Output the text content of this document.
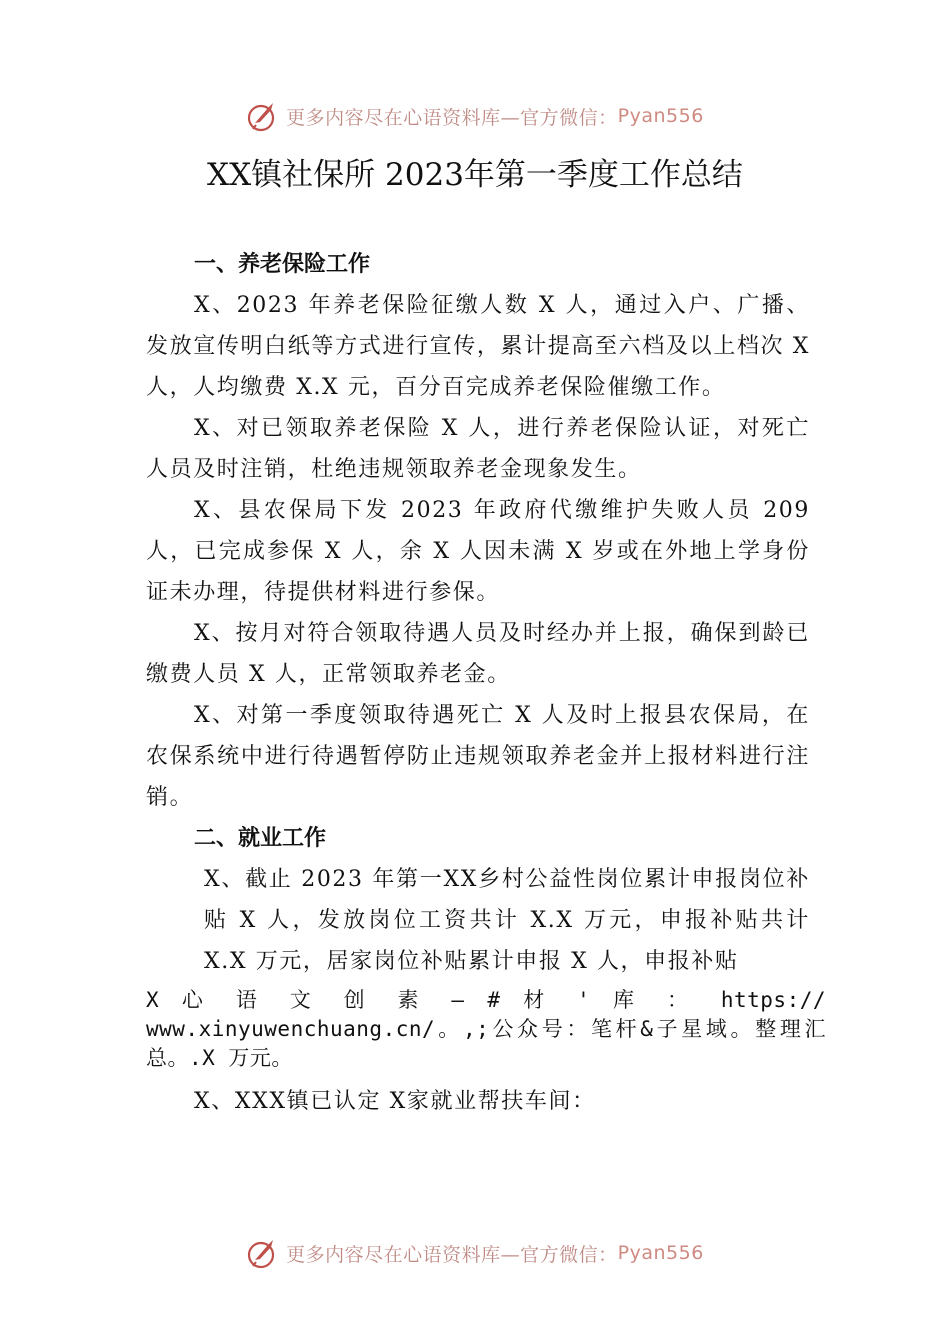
更多内容尽在心语资料库—官方微信： Pyan556
XX镇社保所 2023年第一季度工作总结

一、养老保险工作

X、2023 年养老保险征缴人数 X 人，通过入户、广播、发放宣传明白纸等方式进行宣传，累计提高至六档及以上档次 X 人，人均缴费 X.X 元，百分百完成养老保险催缴工作。

X、对已领取养老保险 X 人，进行养老保险认证，对死亡人员及时注销，杜绝违规领取养老金现象发生。

X、县农保局下发 2023 年政府代缴维护失败人员 209 人，已完成参保 X 人，余 X 人因未满 X 岁或在外地上学身份证未办理，待提供材料进行参保。

X、按月对符合领取待遇人员及时经办并上报，确保到龄已缴费人员 X 人，正常领取养老金。

X、对第一季度领取待遇死亡 X 人及时上报县农保局，在农保系统中进行待遇暂停防止违规领取养老金并上报材料进行注销。

二、就业工作

X、截止 2023 年第一XX乡村公益性岗位累计申报岗位补贴 X 人，发放岗位工资共计 X.X 万元，申报补贴共计 X.X 万元，居家岗位补贴累计申报 X 人，申报补贴

X 心 语 文 创 素 — # 材 ' 库 ： https:// www.xinyuwenchuang.cn/。,;公众号：笔杆&子星域。整理汇总。.X 万元。

X、XXX镇已认定 X家就业帮扶车间：

更多内容尽在心语资料库—官方微信： Pyan556
